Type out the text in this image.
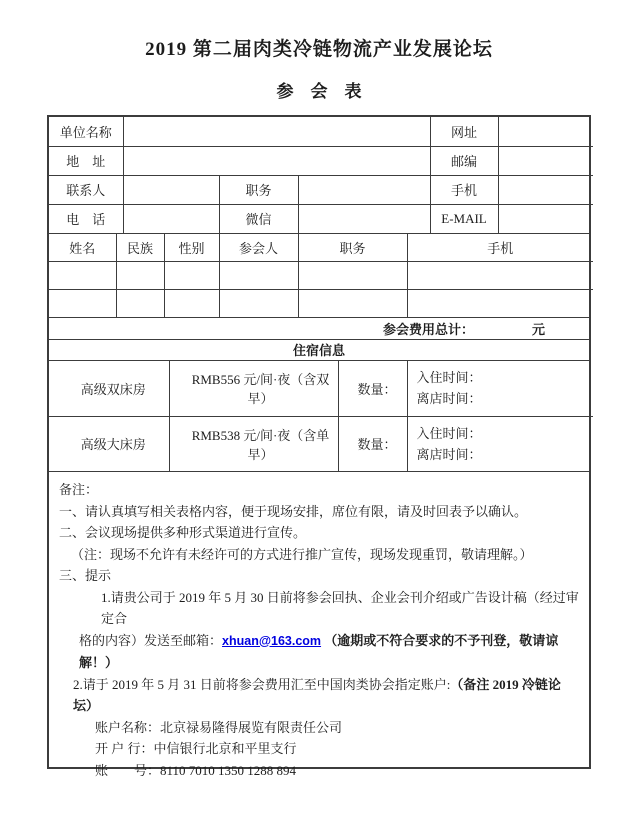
2019 第二届肉类冷链物流产业发展论坛
参　会　表
单位名称				网址	
地　址				邮编	
联系人		职务		手机	
电　话		微信		E-MAIL	
姓名	民族	性别	参会人	职务	手机

参会费用总计：	元
住宿信息
高级双床房	RMB556 元/间·夜（含双早）	数量：	入住时间：
离店时间：

高级大床房	RMB538 元/间·夜（含单早）	数量：	入住时间：
离店时间：

备注：

一、请认真填写相关表格内容，便于现场安排，席位有限，请及时回表予以确认。

二、会议现场提供多种形式渠道进行宣传。

（注：现场不允许有未经许可的方式进行推广宣传，现场发现重罚，敬请理解。）

三、提示

1.请贵公司于 2019 年 5 月 30 日前将参会回执、企业会刊介绍或广告设计稿（经过审定合

格的内容）发送至邮箱：xhuan@163.com （逾期或不符合要求的不予刊登，敬请谅解！）

2.请于 2019 年 5 月 31 日前将参会费用汇至中国肉类协会指定账户:（备注 2019 冷链论坛）

账户名称：北京禄易隆得展览有限责任公司

开 户 行：中信银行北京和平里支行

账　　号：8110 7010 1350 1288 894
